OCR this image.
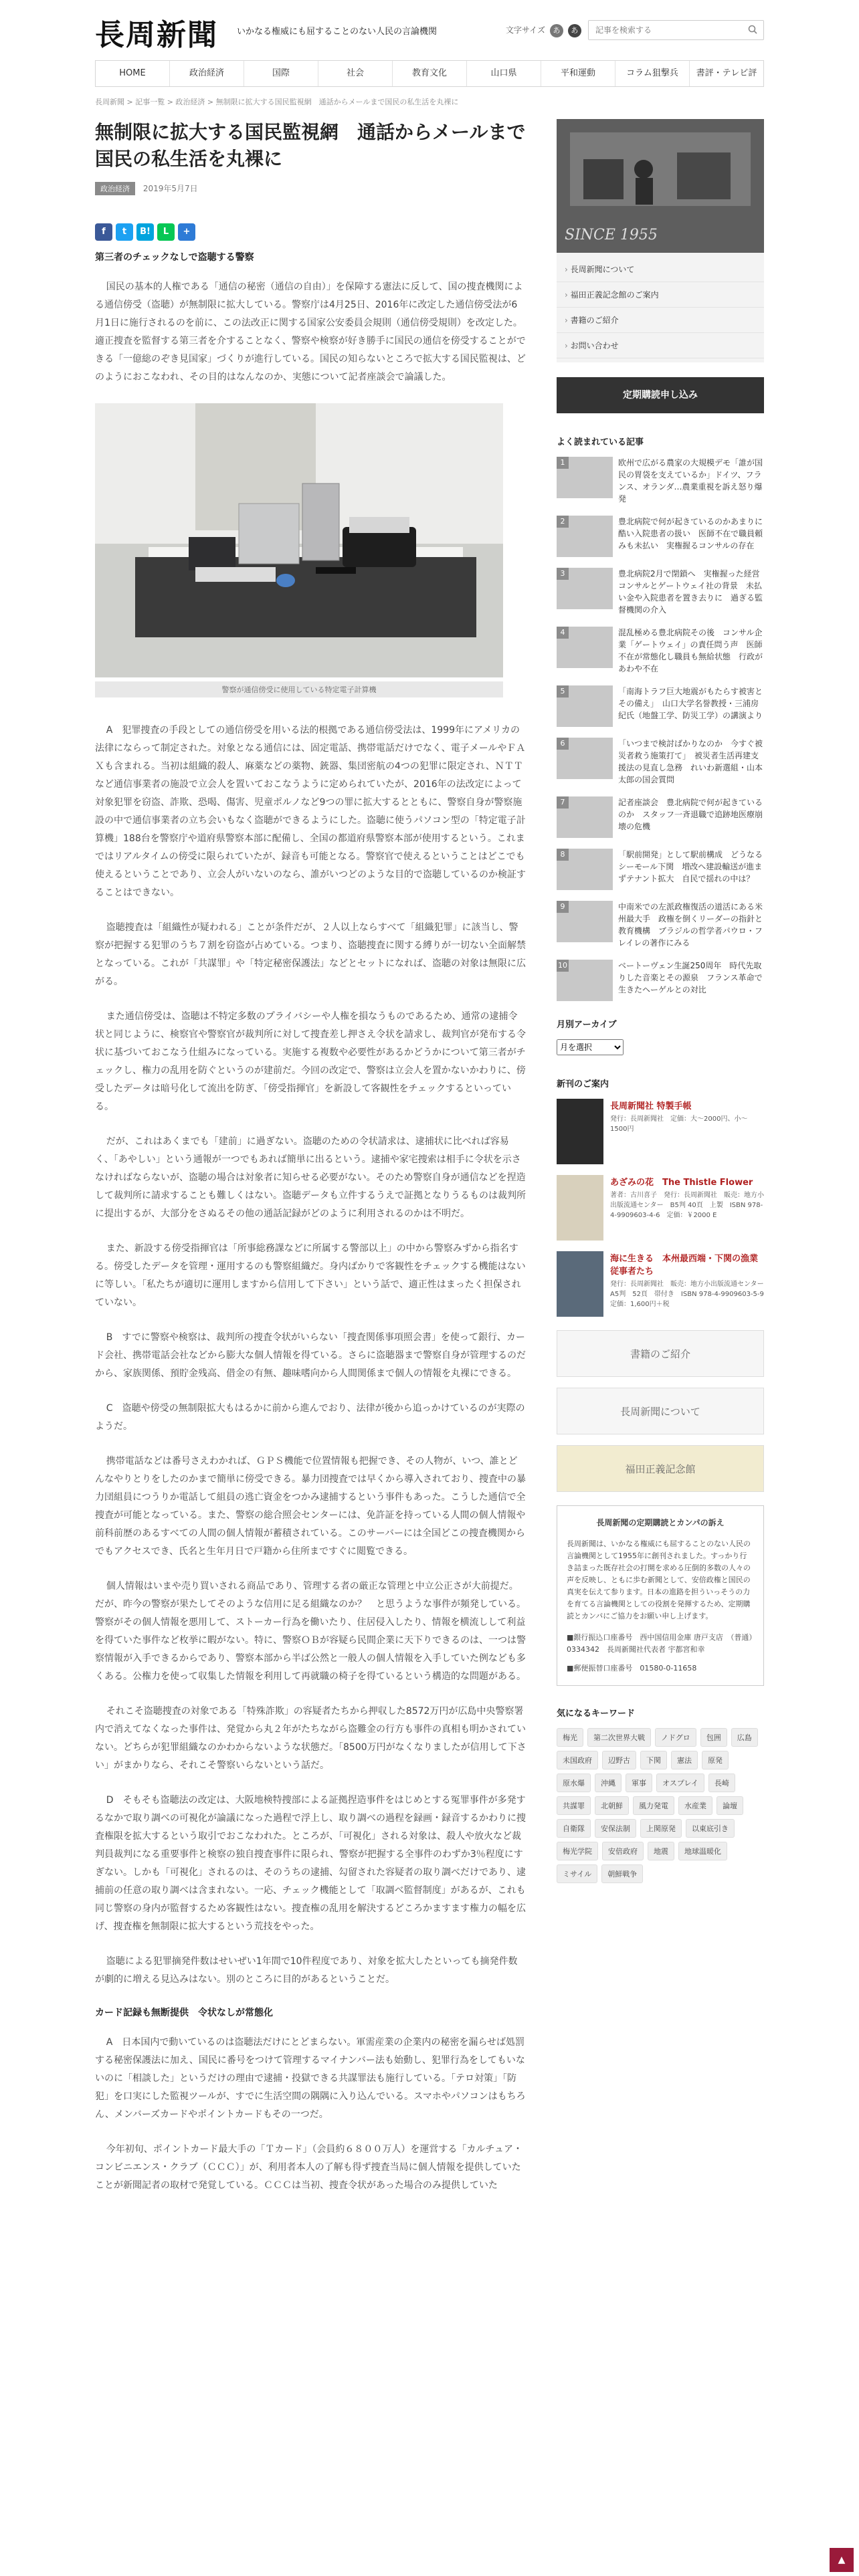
長周新聞 いかなる権威にも屈することのない人民の言論機関	文字サイズ あ あ
記事を検索する
HOME	政治経済	国際	社会	教育文化	山口県	平和運動	コラム狙撃兵	書評・テレビ評
長周新聞 > 記事一覧 > 政治経済 > 無制限に拡大する国民監視網　通話からメールまで国民の私生活を丸裸に
無制限に拡大する国民監視網　通話からメールまで国民の私生活を丸裸に
政治経済 2019年5月7日
f	t	B!	L	+
第三者のチェックなしで盗聴する警察

国民の基本的人権である「通信の秘密（通信の自由）」を保障する憲法に反して、国の捜査機関による通信傍受（盗聴）が無制限に拡大している。警察庁は4月25日、2016年に改定した通信傍受法が6月1日に施行されるのを前に、この法改正に関する国家公安委員会規則（通信傍受規則）を改定した。適正捜査を監督する第三者を介することなく、警察や検察が好き勝手に国民の通信を傍受することができる「一億総のぞき見国家」づくりが進行している。国民の知らないところで拡大する国民監視は、どのようにおこなわれ、その目的はなんなのか、実態について記者座談会で論議した。

警察が通信傍受に使用している特定電子計算機

A　犯罪捜査の手段としての通信傍受を用いる法的根拠である通信傍受法は、1999年にアメリカの法律にならって制定された。対象となる通信には、固定電話、携帯電話だけでなく、電子メールやＦＡＸも含まれる。当初は組織的殺人、麻薬などの薬物、銃器、集団密航の4つの犯罪に限定され、ＮＴＴなど通信事業者の施設で立会人を置いておこなうように定められていたが、2016年の法改定によって対象犯罪を窃盗、詐欺、恐喝、傷害、児童ポルノなど9つの罪に拡大するとともに、警察自身が警察施設の中で通信事業者の立ち会いもなく盗聴ができるようにした。盗聴に使うパソコン型の「特定電子計算機」188台を警察庁や道府県警察本部に配備し、全国の都道府県警察本部が使用するという。これまではリアルタイムの傍受に限られていたが、録音も可能となる。警察官で使えるということはどこでも使えるということであり、立会人がいないのなら、誰がいつどのような目的で盗聴しているのか検証することはできない。

盗聴捜査は「組織性が疑われる」ことが条件だが、２人以上ならすべて「組織犯罪」に該当し、警察が把握する犯罪のうち７割を窃盗が占めている。つまり、盗聴捜査に関する縛りが一切ない全面解禁となっている。これが「共謀罪」や「特定秘密保護法」などとセットになれば、盗聴の対象は無限に広がる。

また通信傍受は、盗聴は不特定多数のプライバシーや人権を損なうものであるため、通常の逮捕令状と同じように、検察官や警察官が裁判所に対して捜査差し押さえ令状を請求し、裁判官が発布する令状に基づいておこなう仕組みになっている。実施する複数や必要性があるかどうかについて第三者がチェックし、権力の乱用を防ぐというのが建前だ。今回の改定で、警察は立会人を置かないかわりに、傍受したデータは暗号化して流出を防ぎ、「傍受指揮官」を新設して客観性をチェックするといっている。

だが、これはあくまでも「建前」に過ぎない。盗聴のための令状請求は、逮捕状に比べれば容易く、「あやしい」という通報が一つでもあれば簡単に出るという。逮捕や家宅捜索は相手に令状を示さなければならないが、盗聴の場合は対象者に知らせる必要がない。そのため警察自身が通信などを捏造して裁判所に請求することも難しくはない。盗聴データも立件するうえで証拠となりうるものは裁判所に提出するが、大部分をさぬるその他の通話記録がどのように利用されるのかは不明だ。

また、新設する傍受指揮官は「所事総務課などに所属する警部以上」の中から警察みずから指名する。傍受したデータを管理・運用するのも警察組織だ。身内ばかりで客観性をチェックする機能はないに等しい。「私たちが適切に運用しますから信用して下さい」という話で、適正性はまったく担保されていない。

B　すでに警察や検察は、裁判所の捜査令状がいらない「捜査関係事項照会書」を使って銀行、カード会社、携帯電話会社などから膨大な個人情報を得ている。さらに盗聴器まで警察自身が管理するのだから、家族関係、預貯金残高、借金の有無、趣味嗜向から人間関係まで個人の情報を丸裸にできる。

C　盗聴や傍受の無制限拡大もはるかに前から進んでおり、法律が後から追っかけているのが実際のようだ。

携帯電話などは番号さえわかれば、ＧＰＳ機能で位置情報も把握でき、その人物が、いつ、誰とどんなやりとりをしたのかまで簡単に傍受できる。暴力団捜査では早くから導入されており、捜査中の暴力団組員につうりか電話して組員の逃亡資金をつかみ逮捕するという事件もあった。こうした通信で全捜査が可能となっている。また、警察の総合照会センターには、免許証を持っている人間の個人情報や前科前歴のあるすべての人間の個人情報が蓄積されている。このサーバーには全国どこの捜査機関からでもアクセスでき、氏名と生年月日で戸籍から住所まですぐに閲覧できる。

個人情報はいまや売り買いされる商品であり、管理する者の厳正な管理と中立公正さが大前提だ。だが、昨今の警察が果たしてそのような信用に足る組織なのか？　と思うような事件が頻発している。警察がその個人情報を悪用して、ストーカー行為を働いたり、住居侵入したり、情報を横流しして利益を得ていた事件など枚挙に暇がない。特に、警察ＯＢが容疑ら民間企業に天下りできるのは、一つは警察情報が入手できるからであり、警察本部から半ば公然と一般人の個人情報を入手していた例なども多くある。公権力を使って収集した情報を利用して再就職の椅子を得ているという構造的な問題がある。

それこそ盗聴捜査の対象である「特殊詐欺」の容疑者たちから押収した8572万円が広島中央警察署内で消えてなくなった事件は、発覚から丸２年がたちながら盗難金の行方も事件の真相も明かされていない。どちらが犯罪組織なのかわからないような状態だ。「8500万円がなくなりましたが信用して下さい」がまかりなら、それこそ警察いらないという話だ。

D　そもそも盗聴法の改定は、大阪地検特捜部による証拠捏造事件をはじめとする冤罪事件が多発するなかで取り調べの可視化が論議になった過程で浮上し、取り調べの過程を録画・録音するかわりに捜査権限を拡大するという取引でおこなわれた。ところが、「可視化」される対象は、殺人や放火など裁判員裁判になる重要事件と検察の独自捜査事件に限られ、警察が把握する全事件のわずか3％程度にすぎない。しかも「可視化」されるのは、そのうちの逮捕、勾留された容疑者の取り調べだけであり、逮捕前の任意の取り調べは含まれない。一応、チェック機能として「取調べ監督制度」があるが、これも同じ警察の身内が監督するため客観性はない。捜査権の乱用を解決するどころかますます権力の幅を広げ、捜査権を無制限に拡大するという荒技をやった。

盗聴による犯罪摘発件数はせいぜい1年間で10件程度であり、対象を拡大したといっても摘発件数が劇的に増える見込みはない。別のところに目的があるということだ。

カード記録も無断提供　令状なしが常態化

A　日本国内で動いているのは盗聴法だけにとどまらない。軍需産業の企業内の秘密を漏らせば処罰する秘密保護法に加え、国民に番号をつけて管理するマイナンバー法も始動し、犯罪行為をしてもいないのに「相談した」というだけの理由で逮捕・投獄できる共謀罪法も施行している。「テロ対策」「防犯」を口実にした監視ツールが、すでに生活空間の隅隅に入り込んでいる。スマホやパソコンはもちろん、メンバーズカードやポイントカードもその一つだ。

今年初旬、ポイントカード最大手の「Ｔカード」（会員約６８００万人）を運営する「カルチュア・コンビニエンス・クラブ（ＣＣＣ）」が、利用者本人の了解も得ず捜査当局に個人情報を提供していたことが新聞記者の取材で発覚している。ＣＣＣは当初、捜査令状があった場合のみ提供していた

SINCE 1955
› 長周新聞について
› 福田正義記念館のご案内
› 書籍のご紹介
› お問い合わせ
定期購読申し込み
よく読まれている記事
1	欧州で広がる農家の大規模デモ「誰が国民の胃袋を支えているか」ドイツ、フランス、オランダ…農業重視を訴え怒り爆発
2	豊北病院で何が起きているのかあまりに酷い入院患者の扱い　医師不在で職員頼みも未払い　実権握るコンサルの存在
3	豊北病院2月で閉鎖へ　実権握った経営コンサルとゲートウェイ社の背景　未払い金や入院患者を置き去りに　過ぎる監督機関の介入
4	混乱極める豊北病院その後　コンサル企業「ゲートウェイ」の責任問う声　医師不在が常態化し職員も無給状態　行政があわや不在
5	「南海トラフ巨大地震がもたらす被害とその備え」　山口大学名誉教授・三浦房紀氏（地盤工学、防災工学）の講演より
6	「いつまで検討ばかりなのか　今すぐ被災者救う施策打て」　被災者生活再建支援法の見直し急務　れいわ新選組・山本太郎の国会質問
7	記者座談会　豊北病院で何が起きているのか　スタッフ一斉退職で追跡地医療崩壊の危機
8	「駅前開発」として駅前構成　どうなるシーモール下関　増改へ建設輸送が進まずテナント拡大　自民で揺れの中は？
9	中南米での左派政権復活の道活にある米州最大手　政権を倒くリーダーの指針と教育機構　ブラジルの哲学者パウロ・フレイレの著作にみる
10	ベートーヴェン生誕250周年　時代先取りした音楽とその源泉　フランス革命で生きたヘーゲルとの対比
月別アーカイブ
月を選択
新刊のご案内
長周新聞社 特製手帳
発行：長周新聞社　定価：大〜2000円、小〜1500円
あざみの花　The Thistle Flower
著者：古川喜子　発行：長周新聞社　販売：地方小出版流通センター　B5判 40頁　上製　ISBN 978-4-9909603-4-6　定価：￥2000 E
海に生きる　本州最西端・下関の漁業従事者たち
発行：長周新聞社　販売：地方小出版流通センター　A5判　52頁　帯付き　ISBN 978-4-9909603-5-9　定価：1,600円＋税
書籍のご紹介
長周新聞について
福田正義記念館
長周新聞の定期購読とカンパの訴え

長周新聞は、いかなる権威にも屈することのない人民の言論機関として1955年に創刊されました。すっかり行き詰まった既存社会の打開を求める圧倒的多数の人々の声を反映し、ともに歩む新聞として、安倍政権と国民の真実を伝えて参ります。日本の進路を担ういっそうの力を育てる言論機関としての役割を発揮するため、定期購読とカンパにご協力をお願い申し上げます。

■銀行振込口座番号　西中国信用金庫 唐戸支店　（普通）0334342　長周新聞社代表者 宇都宮和幸

■郵便振替口座番号　01580-0-11658

気になるキーワード
梅光	第二次世界大戦	ノドグロ	包囲	広島
未国政府	辺野古	下関	憲法	原発
原水爆	沖縄	軍事	オスプレイ	長崎
共謀罪	北朝鮮	風力発電	水産業	論壇
自衛隊	安保法制	上関原発	以東底引き
梅光学院	安倍政府	地震	地球温暖化
ミサイル	朝鮮戦争
▲
